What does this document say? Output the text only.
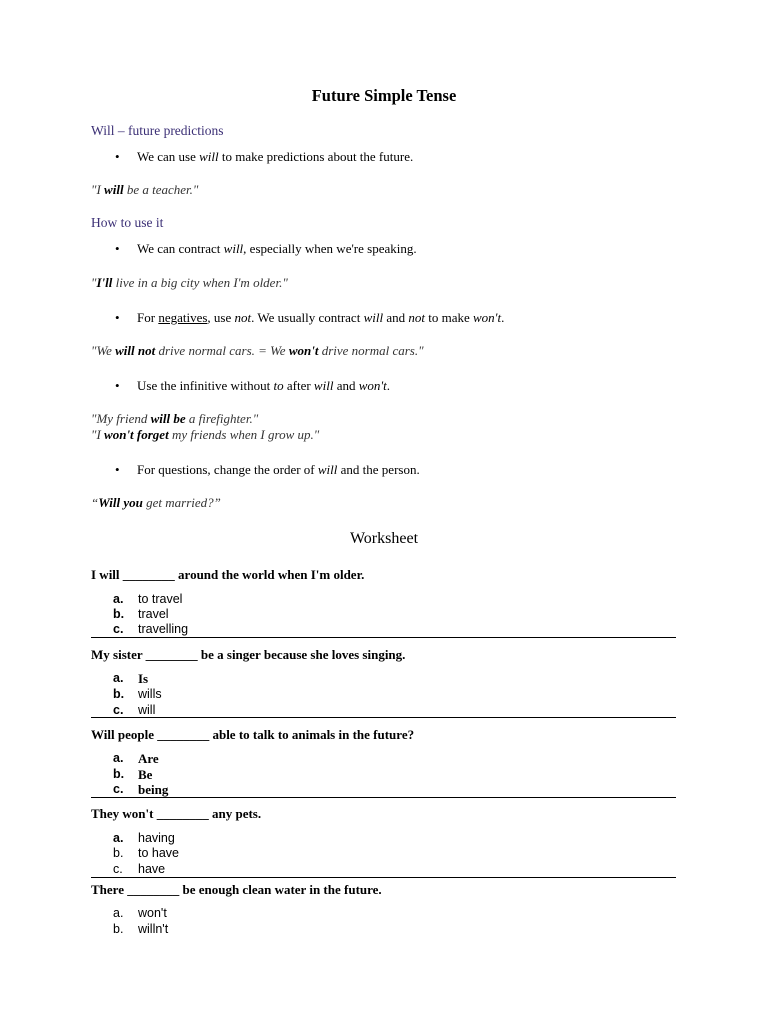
Future Simple Tense
Will – future predictions
• We can use will to make predictions about the future.
"I will be a teacher."
How to use it
• We can contract will, especially when we're speaking.
"I'll live in a big city when I'm older."
• For negatives, use not. We usually contract will and not to make won't.
"We will not drive normal cars. = We won't drive normal cars."
• Use the infinitive without to after will and won't.
"My friend will be a firefighter."
"I won't forget my friends when I grow up."
• For questions, change the order of will and the person.
“Will you get married?”
Worksheet
I will ________ around the world when I'm older.
a. to travel
b. travel
c. travelling
My sister ________ be a singer because she loves singing.
a. Is
b. wills
c. will
Will people ________ able to talk to animals in the future?
a. Are
b. Be
c. being
They won't ________ any pets.
a. having
b. to have
c. have
There ________ be enough clean water in the future.
a. won't
b. willn't
